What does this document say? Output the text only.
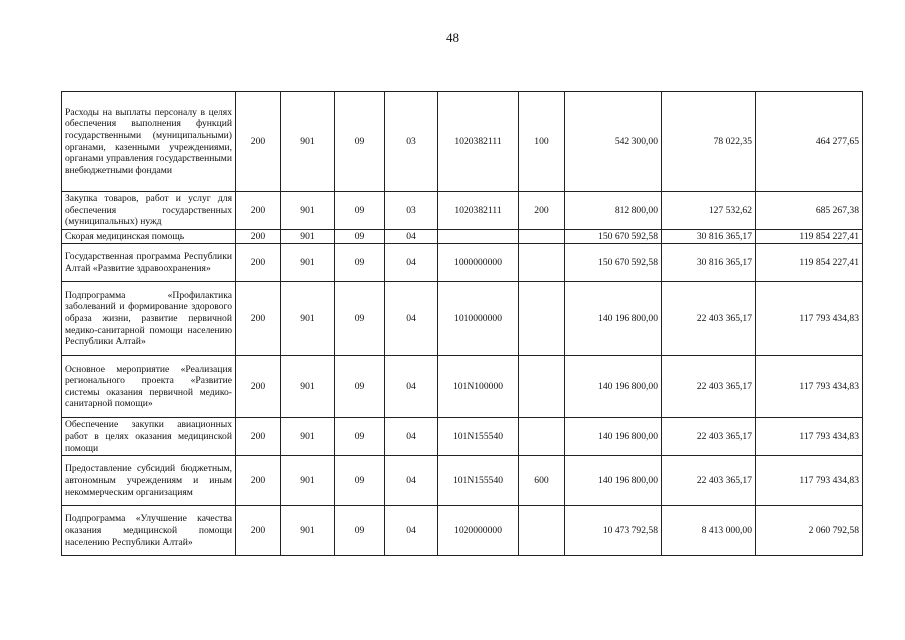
48
Расходы на выплаты персоналу в целях обеспечения выполнения функций государственными (муниципальными) органами, казенными учреждениями, органами управления государственными внебюджетными фондами	200	901	09	03	1020382111	100	542 300,00	78 022,35	464 277,65
Закупка товаров, работ и услуг для обеспечения государственных (муниципальных) нужд	200	901	09	03	1020382111	200	812 800,00	127 532,62	685 267,38
Скорая медицинская помощь	200	901	09	04			150 670 592,58	30 816 365,17	119 854 227,41
Государственная программа Республики Алтай «Развитие здравоохранения»	200	901	09	04	1000000000		150 670 592,58	30 816 365,17	119 854 227,41
Подпрограмма «Профилактика заболеваний и формирование здорового образа жизни, развитие первичной медико-санитарной помощи населению Республики Алтай»	200	901	09	04	1010000000		140 196 800,00	22 403 365,17	117 793 434,83
Основное мероприятие «Реализация регионального проекта «Развитие системы оказания первичной медико-санитарной помощи»	200	901	09	04	101N100000		140 196 800,00	22 403 365,17	117 793 434,83
Обеспечение закупки авиационных работ в целях оказания медицинской помощи	200	901	09	04	101N155540		140 196 800,00	22 403 365,17	117 793 434,83
Предоставление субсидий бюджетным, автономным учреждениям и иным некоммерческим организациям	200	901	09	04	101N155540	600	140 196 800,00	22 403 365,17	117 793 434,83
Подпрограмма «Улучшение качества оказания медицинской помощи населению Республики Алтай»	200	901	09	04	1020000000		10 473 792,58	8 413 000,00	2 060 792,58
